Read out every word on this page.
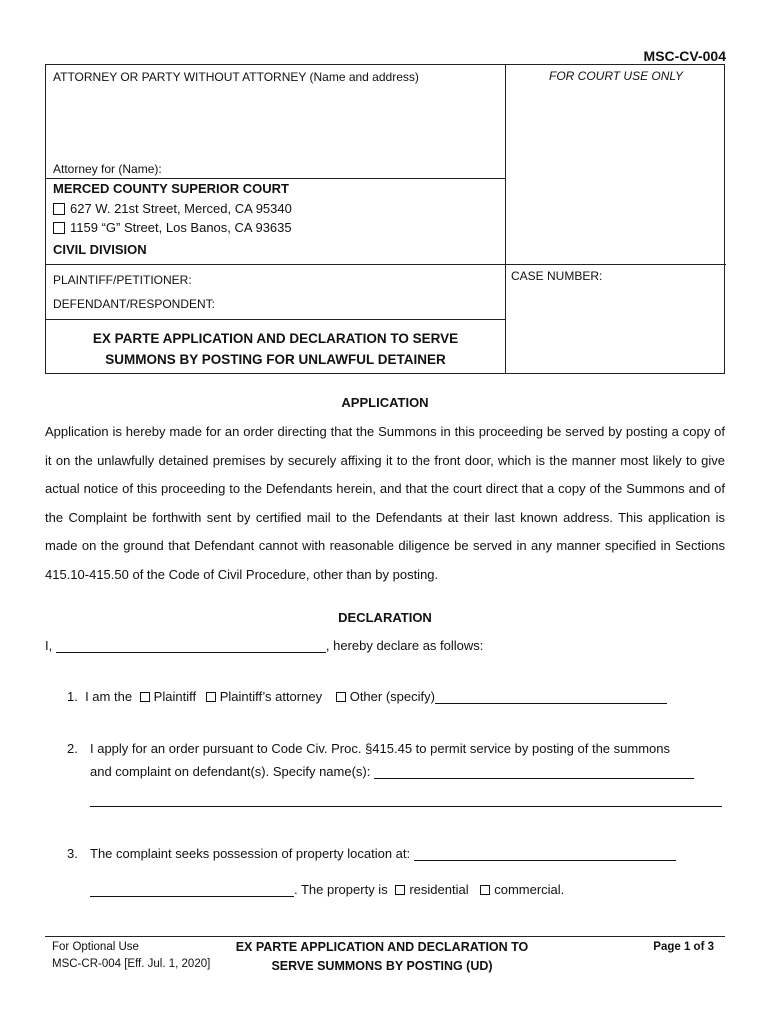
MSC-CV-004
ATTORNEY OR PARTY WITHOUT ATTORNEY (Name and address)	FOR COURT USE ONLY
Attorney for (Name):
MERCED COUNTY SUPERIOR COURT
627 W. 21st Street, Merced, CA 95340
1159 “G” Street, Los Banos, CA 93635
CIVIL DIVISION
PLAINTIFF/PETITIONER:
DEFENDANT/RESPONDENT:
CASE NUMBER:
EX PARTE APPLICATION AND DECLARATION TO SERVE
SUMMONS BY POSTING FOR UNLAWFUL DETAINER
APPLICATION
Application is hereby made for an order directing that the Summons in this proceeding be served by posting a copy of it on the unlawfully detained premises by securely affixing it to the front door, which is the manner most likely to give actual notice of this proceeding to the Defendants herein, and that the court direct that a copy of the Summons and of the Complaint be forthwith sent by certified mail to the Defendants at their last known address. This application is made on the ground that Defendant cannot with reasonable diligence be served in any manner specified in Sections 415.10-415.50 of the Code of Civil Procedure, other than by posting.
DECLARATION
I,	, hereby declare as follows:
1. I am the Plaintiff Plaintiff’s attorney Other (specify)
2. I apply for an order pursuant to Code Civ. Proc. §415.45 to permit service by posting of the summons
and complaint on defendant(s). Specify name(s):
3. The complaint seeks possession of property location at:
. The property is residential commercial.
For Optional Use
MSC-CR-004 [Eff. Jul. 1, 2020]
EX PARTE APPLICATION AND DECLARATION TO
SERVE SUMMONS BY POSTING (UD)
Page 1 of 3
